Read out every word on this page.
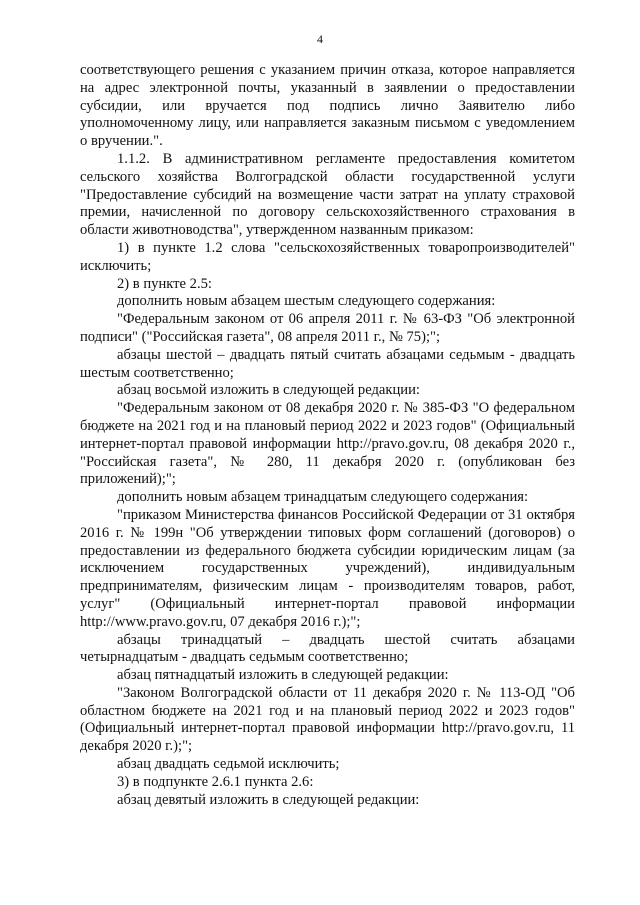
4

соответствующего решения с указанием причин отказа, которое направляется на адрес электронной почты, указанный в заявлении о предоставлении субсидии, или вручается под подпись лично Заявителю либо уполномоченному лицу, или направляется заказным письмом с уведомлением о вручении.".

1.1.2. В административном регламенте предоставления комитетом сельского хозяйства Волгоградской области государственной услуги "Предоставление субсидий на возмещение части затрат на уплату страховой премии, начисленной по договору сельскохозяйственного страхования в области животноводства", утвержденном названным приказом:

1) в пункте 1.2 слова "сельскохозяйственных товаропроизводителей" исключить;

2) в пункте 2.5:

дополнить новым абзацем шестым следующего содержания:

"Федеральным законом от 06 апреля 2011 г. № 63-ФЗ "Об электронной подписи" ("Российская газета", 08 апреля 2011 г., № 75);";

абзацы шестой – двадцать пятый считать абзацами седьмым - двадцать шестым соответственно;

абзац восьмой изложить в следующей редакции:

"Федеральным законом от 08 декабря 2020 г. № 385-ФЗ "О федеральном бюджете на 2021 год и на плановый период 2022 и 2023 годов" (Официальный интернет-портал правовой информации http://pravo.gov.ru, 08 декабря 2020 г., "Российская газета", № 280, 11 декабря 2020 г. (опубликован без приложений);";

дополнить новым абзацем тринадцатым следующего содержания:

"приказом Министерства финансов Российской Федерации от 31 октября 2016 г. № 199н "Об утверждении типовых форм соглашений (договоров) о предоставлении из федерального бюджета субсидии юридическим лицам (за исключением государственных учреждений), индивидуальным предпринимателям, физическим лицам - производителям товаров, работ, услуг" (Официальный интернет-портал правовой информации http://www.pravo.gov.ru, 07 декабря 2016 г.);";

абзацы тринадцатый – двадцать шестой считать абзацами четырнадцатым - двадцать седьмым соответственно;

абзац пятнадцатый изложить в следующей редакции:

"Законом Волгоградской области от 11 декабря 2020 г. № 113-ОД "Об областном бюджете на 2021 год и на плановый период 2022 и 2023 годов" (Официальный интернет-портал правовой информации http://pravo.gov.ru, 11 декабря 2020 г.);";

абзац двадцать седьмой исключить;

3) в подпункте 2.6.1 пункта 2.6:

абзац девятый изложить в следующей редакции:
